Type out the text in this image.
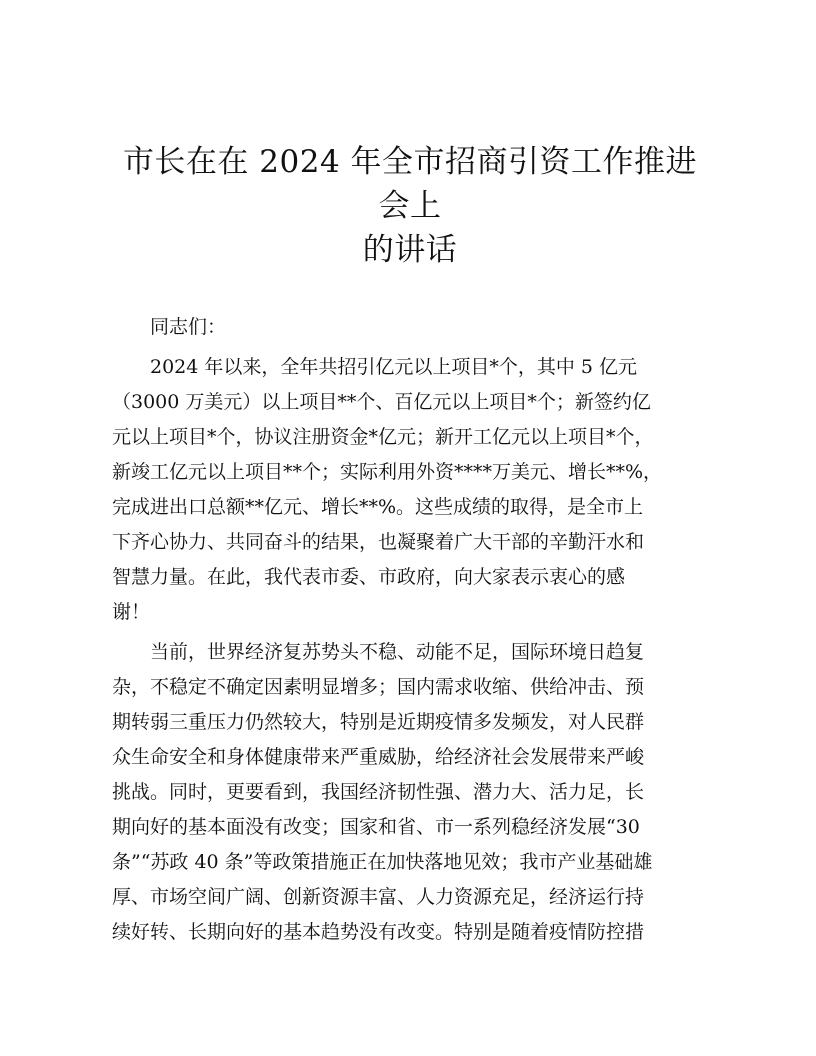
市长在在 2024 年全市招商引资工作推进会上
的讲话

同志们：

2024 年以来，全年共招引亿元以上项目*个，其中 5 亿元
（3000 万美元）以上项目**个、百亿元以上项目*个；新签约亿
元以上项目*个，协议注册资金*亿元；新开工亿元以上项目*个，
新竣工亿元以上项目**个；实际利用外资****万美元、增长**%，
完成进出口总额**亿元、增长**%。这些成绩的取得，是全市上
下齐心协力、共同奋斗的结果，也凝聚着广大干部的辛勤汗水和
智慧力量。在此，我代表市委、市政府，向大家表示衷心的感
谢！

当前，世界经济复苏势头不稳、动能不足，国际环境日趋复
杂，不稳定不确定因素明显增多；国内需求收缩、供给冲击、预
期转弱三重压力仍然较大，特别是近期疫情多发频发，对人民群
众生命安全和身体健康带来严重威胁，给经济社会发展带来严峻
挑战。同时，更要看到，我国经济韧性强、潜力大、活力足，长
期向好的基本面没有改变；国家和省、市一系列稳经济发展“30
条”“苏政 40 条”等政策措施正在加快落地见效；我市产业基础雄
厚、市场空间广阔、创新资源丰富、人力资源充足，经济运行持
续好转、长期向好的基本趋势没有改变。特别是随着疫情防控措
